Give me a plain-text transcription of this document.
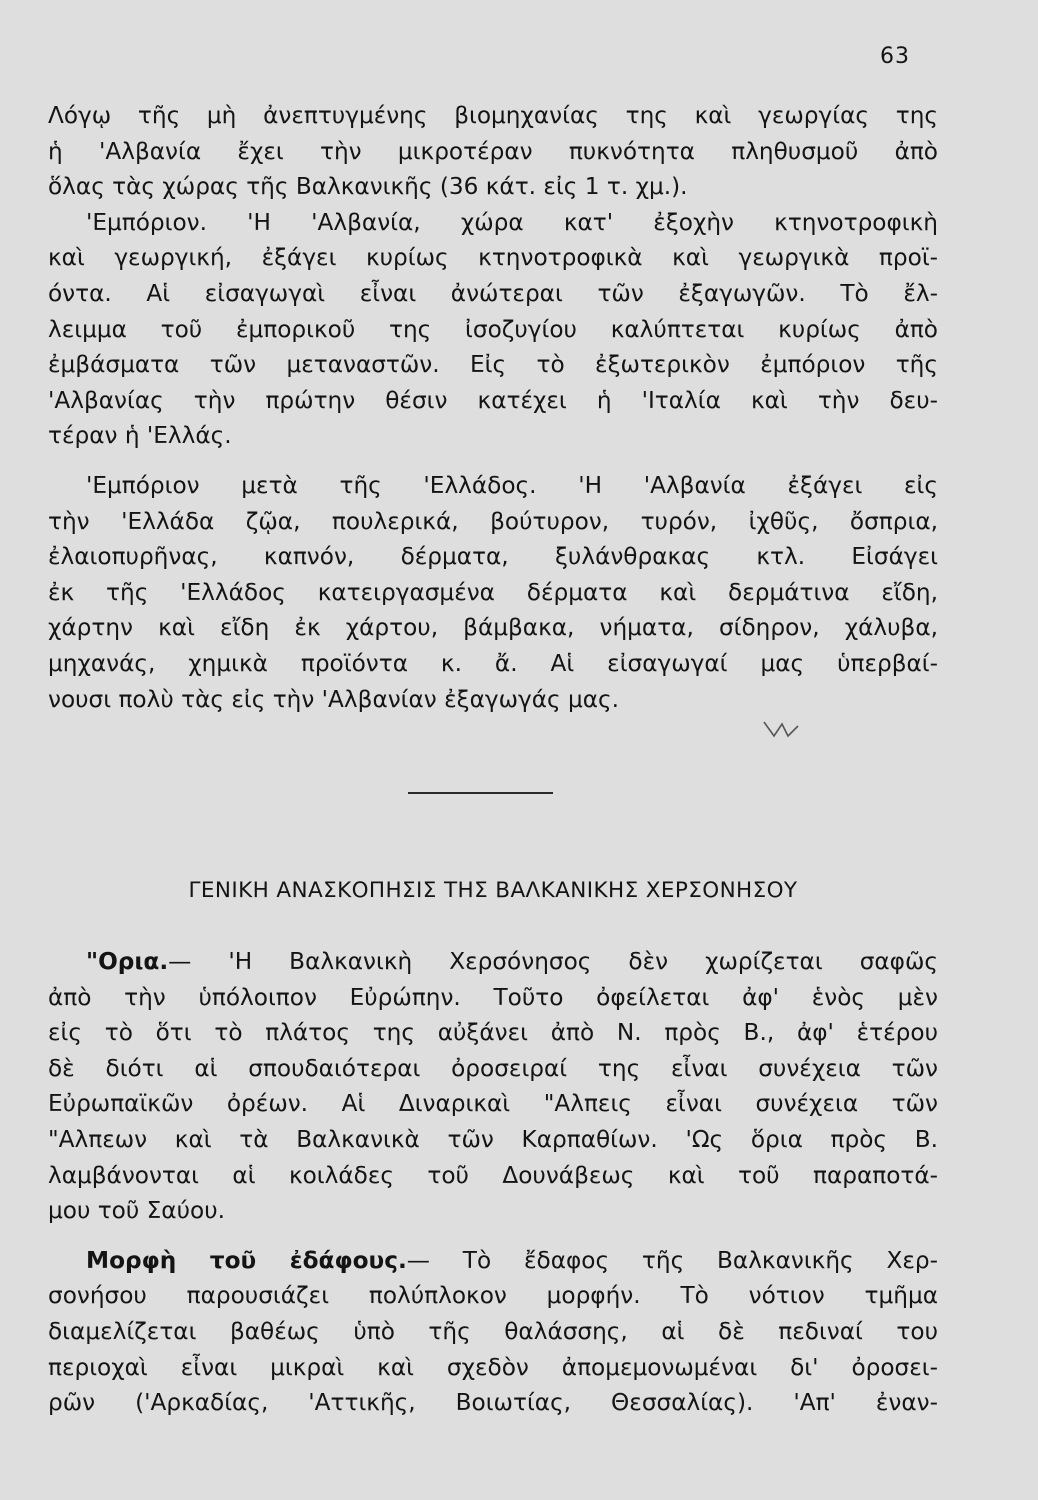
63
Λόγῳ τῆς μὴ ἀνεπτυγμένης βιομηχανίας της καὶ γεωργίας της
ἡ 'Αλβανία ἔχει τὴν μικροτέραν πυκνότητα πληθυσμοῦ ἀπὸ
ὅλας τὰς χώρας τῆς Βαλκανικῆς (36 κάτ. εἰς 1 τ. χμ.).
'Εμπόριον. 'Η 'Αλβανία, χώρα κατ' ἐξοχὴν κτηνοτροφικὴ
καὶ γεωργική, ἐξάγει κυρίως κτηνοτροφικὰ καὶ γεωργικὰ προϊ-
όντα. Αἱ εἰσαγωγαὶ εἶναι ἀνώτεραι τῶν ἐξαγωγῶν. Τὸ ἔλ-
λειμμα τοῦ ἐμπορικοῦ της ἰσοζυγίου καλύπτεται κυρίως ἀπὸ
ἐμβάσματα τῶν μεταναστῶν. Εἰς τὸ ἐξωτερικὸν ἐμπόριον τῆς
'Αλβανίας τὴν πρώτην θέσιν κατέχει ἡ 'Ιταλία καὶ τὴν δευ-
τέραν ἡ 'Ελλάς.
'Εμπόριον μετὰ τῆς 'Ελλάδος. 'Η 'Αλβανία ἐξάγει εἰς
τὴν 'Ελλάδα ζῷα, πουλερικά, βούτυρον, τυρόν, ἰχθῦς, ὄσπρια,
ἐλαιοπυρῆνας, καπνόν, δέρματα, ξυλάνθρακας κτλ. Εἰσάγει
ἐκ τῆς 'Ελλάδος κατειργασμένα δέρματα καὶ δερμάτινα εἴδη,
χάρτην καὶ εἴδη ἐκ χάρτου, βάμβακα, νήματα, σίδηρον, χάλυβα,
μηχανάς, χημικὰ προϊόντα κ. ἄ. Αἱ εἰσαγωγαί μας ὑπερβαί-
νουσι πολὺ τὰς εἰς τὴν 'Αλβανίαν ἐξαγωγάς μας.
ΓΕΝΙΚΗ ΑΝΑΣΚΟΠΗΣΙΣ ΤΗΣ ΒΑΛΚΑΝΙΚΗΣ ΧΕΡΣΟΝΗΣΟΥ
"Ορια.— 'Η Βαλκανικὴ Χερσόνησος δὲν χωρίζεται σαφῶς
ἀπὸ τὴν ὑπόλοιπον Εὐρώπην. Τοῦτο ὀφείλεται ἀφ' ἑνὸς μὲν
εἰς τὸ ὅτι τὸ πλάτος της αὐξάνει ἀπὸ Ν. πρὸς Β., ἀφ' ἑτέρου
δὲ διότι αἱ σπουδαιότεραι ὀροσειραί της εἶναι συνέχεια τῶν
Εὐρωπαϊκῶν ὀρέων. Αἱ Διναρικαὶ "Αλπεις εἶναι συνέχεια τῶν
"Αλπεων καὶ τὰ Βαλκανικὰ τῶν Καρπαθίων. 'Ως ὅρια πρὸς Β.
λαμβάνονται αἱ κοιλάδες τοῦ Δουνάβεως καὶ τοῦ παραποτά-
μου τοῦ Σαύου.
Μορφὴ τοῦ ἐδάφους.— Τὸ ἔδαφος τῆς Βαλκανικῆς Χερ-
σονήσου παρουσιάζει πολύπλοκον μορφήν. Τὸ νότιον τμῆμα
διαμελίζεται βαθέως ὑπὸ τῆς θαλάσσης, αἱ δὲ πεδιναί του
περιοχαὶ εἶναι μικραὶ καὶ σχεδὸν ἀπομεμονωμέναι δι' ὀροσει-
ρῶν ('Αρκαδίας, 'Αττικῆς, Βοιωτίας, Θεσσαλίας). 'Απ' ἐναν-
